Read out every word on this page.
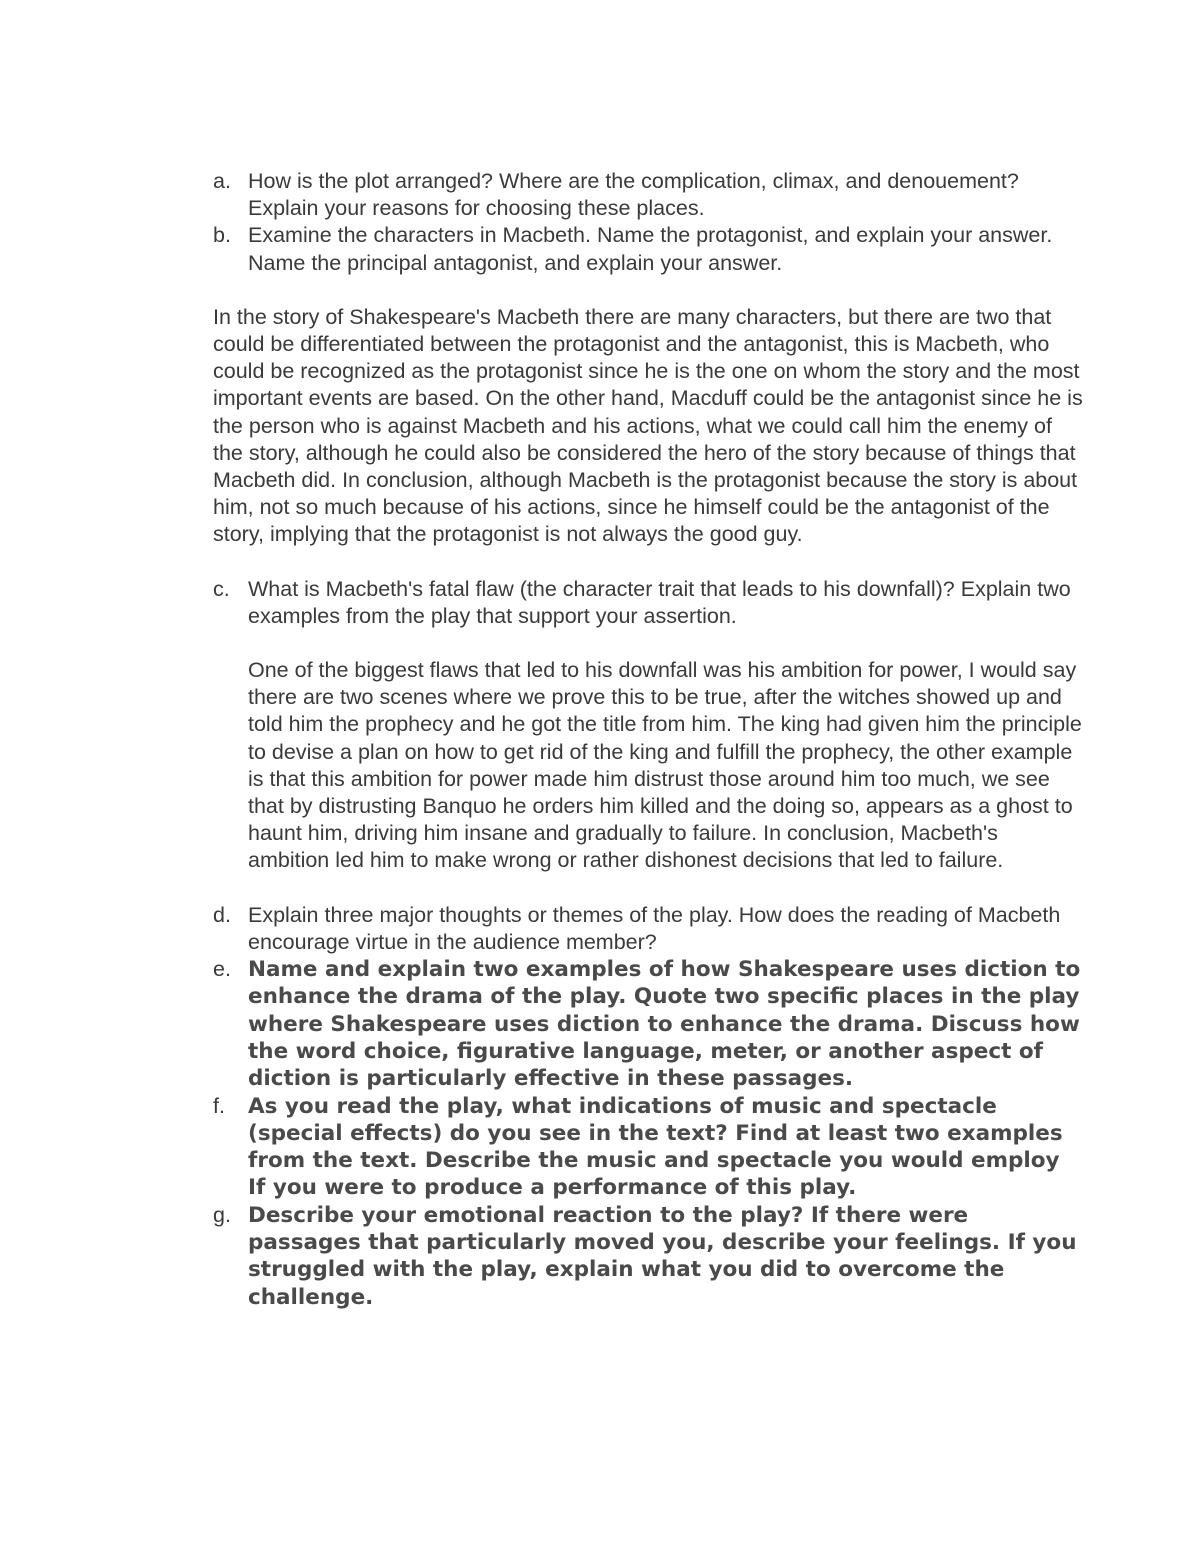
a. How is the plot arranged? Where are the complication, climax, and denouement? Explain your reasons for choosing these places.
b. Examine the characters in Macbeth. Name the protagonist, and explain your answer. Name the principal antagonist, and explain your answer.

In the story of Shakespeare's Macbeth there are many characters, but there are two that could be differentiated between the protagonist and the antagonist, this is Macbeth, who could be recognized as the protagonist since he is the one on whom the story and the most important events are based. On the other hand, Macduff could be the antagonist since he is the person who is against Macbeth and his actions, what we could call him the enemy of the story, although he could also be considered the hero of the story because of things that Macbeth did. In conclusion, although Macbeth is the protagonist because the story is about him, not so much because of his actions, since he himself could be the antagonist of the story, implying that the protagonist is not always the good guy.

c. What is Macbeth's fatal flaw (the character trait that leads to his downfall)? Explain two examples from the play that support your assertion.

One of the biggest flaws that led to his downfall was his ambition for power, I would say there are two scenes where we prove this to be true, after the witches showed up and told him the prophecy and he got the title from him. The king had given him the principle to devise a plan on how to get rid of the king and fulfill the prophecy, the other example is that this ambition for power made him distrust those around him too much, we see that by distrusting Banquo he orders him killed and the doing so, appears as a ghost to haunt him, driving him insane and gradually to failure. In conclusion, Macbeth's ambition led him to make wrong or rather dishonest decisions that led to failure.

d. Explain three major thoughts or themes of the play. How does the reading of Macbeth encourage virtue in the audience member?
e. Name and explain two examples of how Shakespeare uses diction to enhance the drama of the play. Quote two specific places in the play where Shakespeare uses diction to enhance the drama. Discuss how the word choice, figurative language, meter, or another aspect of diction is particularly effective in these passages.
f.	As you read the play, what indications of music and spectacle (special effects) do you see in the text? Find at least two examples from the text. Describe the music and spectacle you would employ If you were to produce a performance of this play.
g. Describe your emotional reaction to the play? If there were passages that particularly moved you, describe your feelings. If you struggled with the play, explain what you did to overcome the challenge.
